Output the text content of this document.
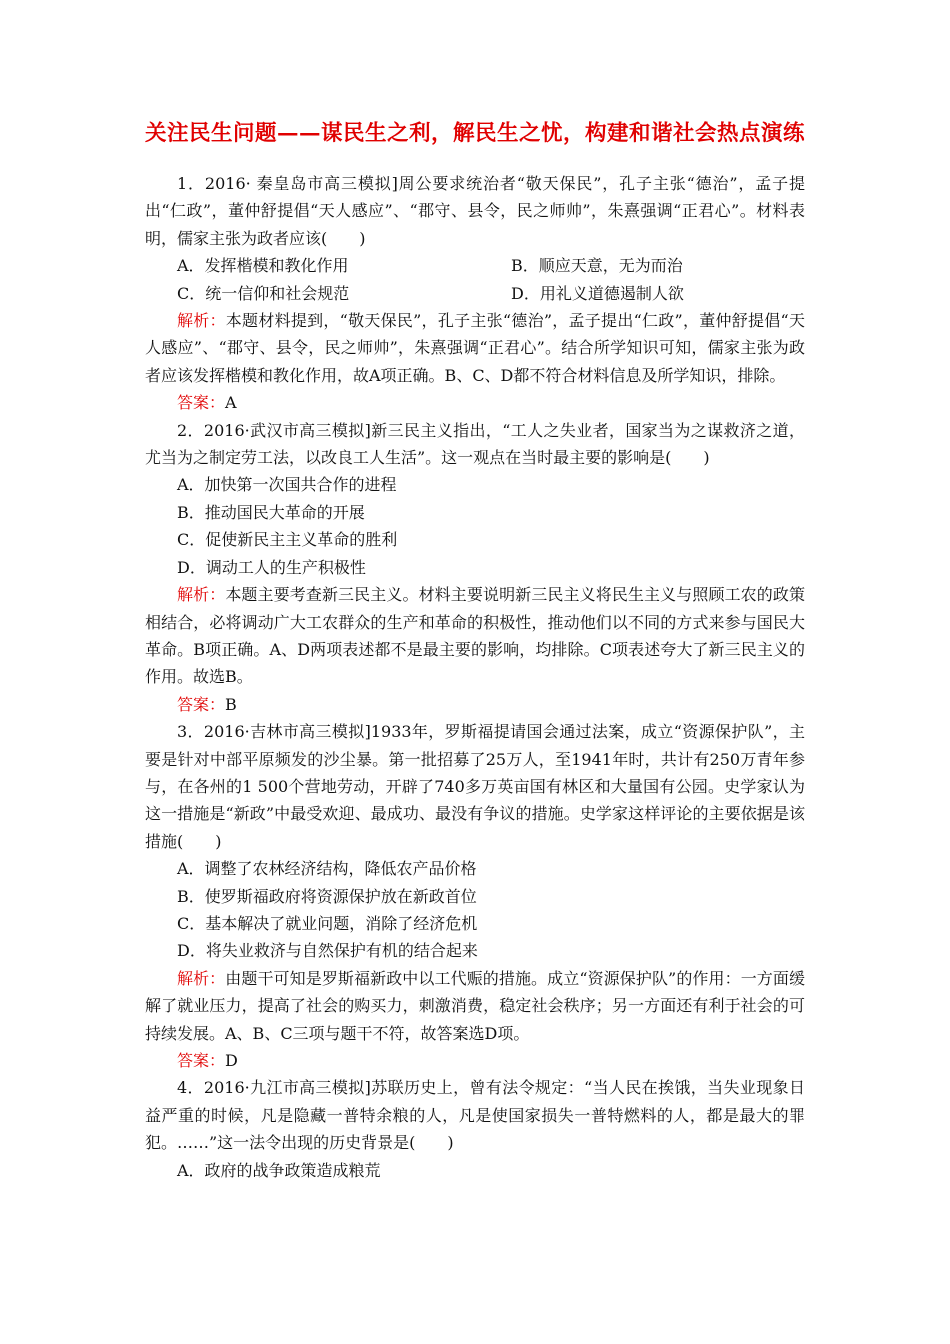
关注民生问题——谋民生之利，解民生之忧，构建和谐社会热点演练

1．2016· 秦皇岛市高三模拟]周公要求统治者“敬天保民”，孔子主张“德治”，孟子提出“仁政”，董仲舒提倡“天人感应”、“郡守、县令，民之师帅”，朱熹强调“正君心”。材料表明，儒家主张为政者应该(　　)

A．发挥楷模和教化作用	B．顺应天意，无为而治
C．统一信仰和社会规范	D．用礼义道德遏制人欲

解析：本题材料提到，“敬天保民”，孔子主张“德治”，孟子提出“仁政”，董仲舒提倡“天人感应”、“郡守、县令，民之师帅”，朱熹强调“正君心”。结合所学知识可知，儒家主张为政者应该发挥楷模和教化作用，故A项正确。B、C、D都不符合材料信息及所学知识，排除。

答案：A

2．2016·武汉市高三模拟]新三民主义指出，“工人之失业者，国家当为之谋救济之道，尤当为之制定劳工法，以改良工人生活”。这一观点在当时最主要的影响是(　　)

A．加快第一次国共合作的进程

B．推动国民大革命的开展

C．促使新民主主义革命的胜利

D．调动工人的生产积极性

解析：本题主要考查新三民主义。材料主要说明新三民主义将民生主义与照顾工农的政策相结合，必将调动广大工农群众的生产和革命的积极性，推动他们以不同的方式来参与国民大革命。B项正确。A、D两项表述都不是最主要的影响，均排除。C项表述夸大了新三民主义的作用。故选B。

答案：B

3．2016·吉林市高三模拟]1933年，罗斯福提请国会通过法案，成立“资源保护队”，主要是针对中部平原频发的沙尘暴。第一批招募了25万人，至1941年时，共计有250万青年参与，在各州的1 500个营地劳动，开辟了740多万英亩国有林区和大量国有公园。史学家认为这一措施是“新政”中最受欢迎、最成功、最没有争议的措施。史学家这样评论的主要依据是该措施(　　)

A．调整了农林经济结构，降低农产品价格

B．使罗斯福政府将资源保护放在新政首位

C．基本解决了就业问题，消除了经济危机

D．将失业救济与自然保护有机的结合起来

解析：由题干可知是罗斯福新政中以工代赈的措施。成立“资源保护队”的作用：一方面缓解了就业压力，提高了社会的购买力，刺激消费，稳定社会秩序；另一方面还有利于社会的可持续发展。A、B、C三项与题干不符，故答案选D项。

答案：D

4．2016·九江市高三模拟]苏联历史上，曾有法令规定：“当人民在挨饿，当失业现象日益严重的时候，凡是隐藏一普特余粮的人，凡是使国家损失一普特燃料的人，都是最大的罪犯。……”这一法令出现的历史背景是(　　)

A．政府的战争政策造成粮荒
